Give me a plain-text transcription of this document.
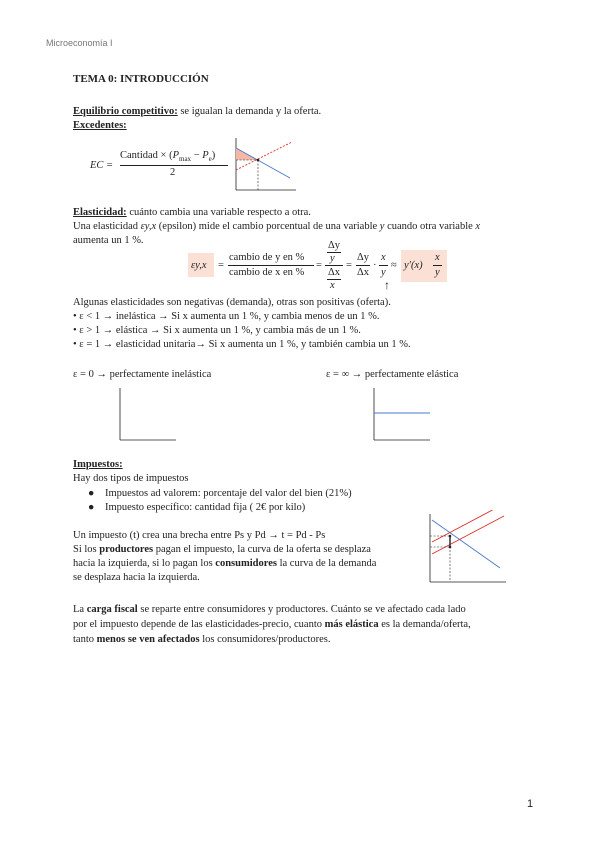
Microeconomía I
TEMA 0: INTRODUCCIÓN
Equilibrio competitivo: se igualan la demanda y la oferta.
Excedentes:
EC =
Cantidad × $(P_{max} - P_e)$
2
Elasticidad: cuánto cambia una variable respecto a otra.
Una elasticidad εy,x (epsilon) mide el cambio porcentual de una variable y cuando otra variable x
aumenta un 1 %.
εy,x =
cambio de y en %
cambio de x en %
=
Δy
y
Δx
x
=
Δy
Δx
·
x
y
↑
≈ y′(x)
x
y
Algunas elasticidades son negativas (demanda), otras son positivas (oferta).
• ε < 1 → inelástica → Si x aumenta un 1 %, y cambia menos de un 1 %.
• ε > 1 → elástica → Si x aumenta un 1 %, y cambia más de un 1 %.
• ε = 1 → elasticidad unitaria→ Si x aumenta un 1 %, y también cambia un 1 %.
ε = 0 → perfectamente inelástica	ε = ∞ → perfectamente elástica
Impuestos:
Hay dos tipos de impuestos
● Impuestos ad valorem: porcentaje del valor del bien (21%)
● Impuesto específico: cantidad fija ( 2€ por kilo)
Un impuesto (t) crea una brecha entre Ps y Pd → t = Pd - Ps
Si los productores pagan el impuesto, la curva de la oferta se desplaza
hacia la izquierda, si lo pagan los consumidores la curva de la demanda
se desplaza hacia la izquierda.
La carga fiscal se reparte entre consumidores y productores. Cuánto se ve afectado cada lado
por el impuesto depende de las elasticidades-precio, cuanto más elástica es la demanda/oferta,
tanto menos se ven afectados los consumidores/productores.
1
